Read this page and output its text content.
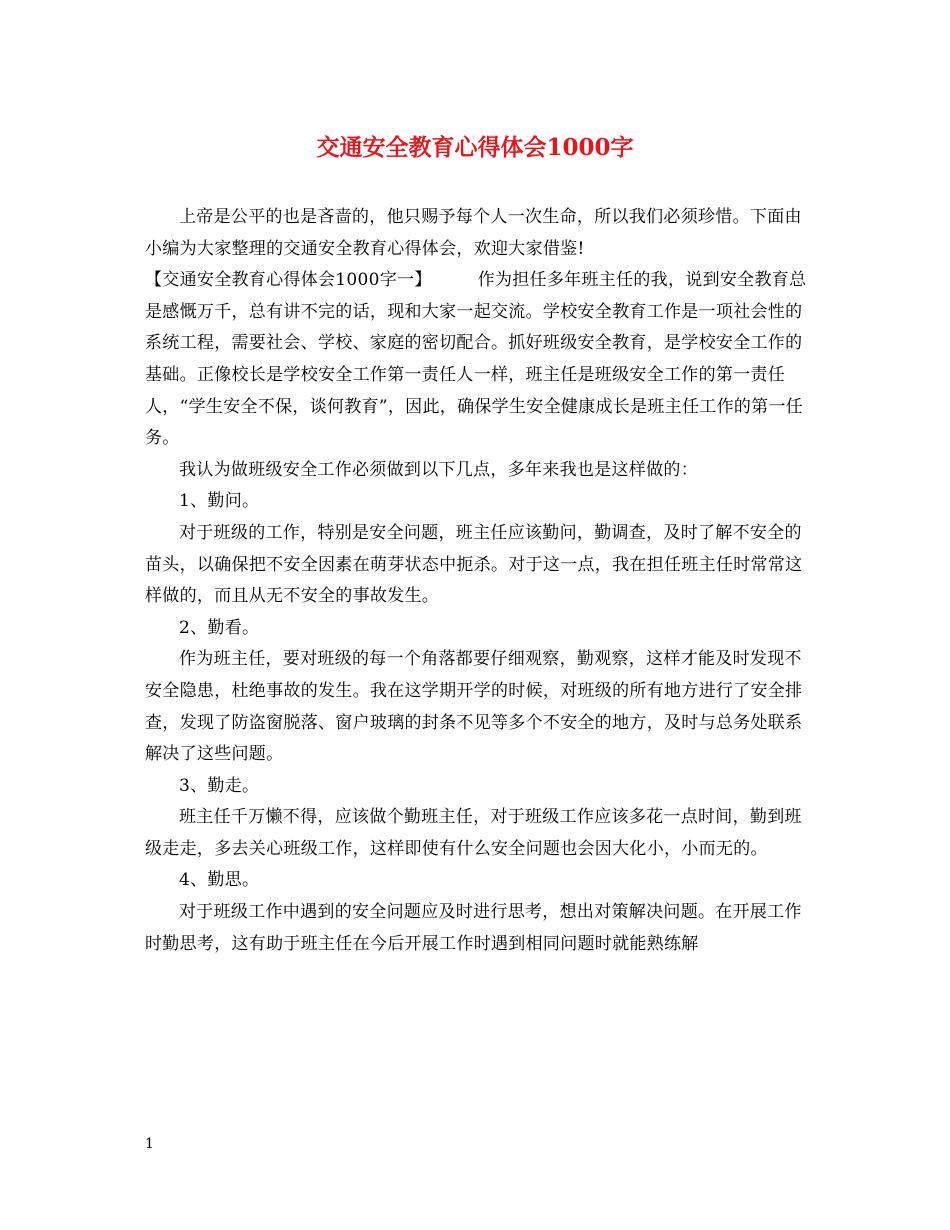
交通安全教育心得体会1000字

上帝是公平的也是吝啬的，他只赐予每个人一次生命，所以我们必须珍惜。下面由小编为大家整理的交通安全教育心得体会，欢迎大家借鉴!

【交通安全教育心得体会1000字一】	作为担任多年班主任的我，说到安全教育总是感慨万千，总有讲不完的话，现和大家一起交流。学校安全教育工作是一项社会性的系统工程，需要社会、学校、家庭的密切配合。抓好班级安全教育，是学校安全工作的基础。正像校长是学校安全工作第一责任人一样，班主任是班级安全工作的第一责任人，“学生安全不保，谈何教育”，因此，确保学生安全健康成长是班主任工作的第一任务。

我认为做班级安全工作必须做到以下几点，多年来我也是这样做的：

1、勤问。

对于班级的工作，特别是安全问题，班主任应该勤问，勤调查，及时了解不安全的苗头，以确保把不安全因素在萌芽状态中扼杀。对于这一点，我在担任班主任时常常这样做的，而且从无不安全的事故发生。

2、勤看。

作为班主任，要对班级的每一个角落都要仔细观察，勤观察，这样才能及时发现不安全隐患，杜绝事故的发生。我在这学期开学的时候，对班级的所有地方进行了安全排查，发现了防盗窗脱落、窗户玻璃的封条不见等多个不安全的地方，及时与总务处联系解决了这些问题。

3、勤走。

班主任千万懒不得，应该做个勤班主任，对于班级工作应该多花一点时间，勤到班级走走，多去关心班级工作，这样即使有什么安全问题也会因大化小，小而无的。

4、勤思。

对于班级工作中遇到的安全问题应及时进行思考，想出对策解决问题。在开展工作时勤思考，这有助于班主任在今后开展工作时遇到相同问题时就能熟练解

1
